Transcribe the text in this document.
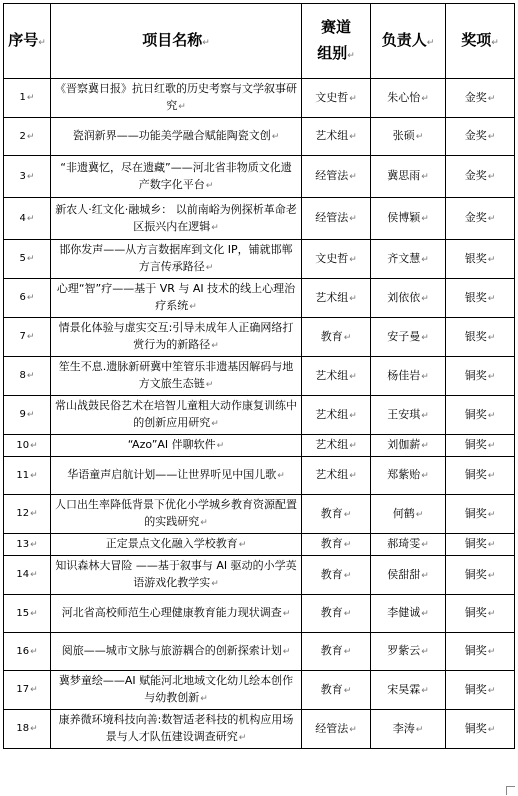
序号↵	项目名称↵	赛道组别↵	负责人↵	奖项↵
1↵	《晋察冀日报》抗日红歌的历史考察与文学叙事研究↵	文史哲↵	朱心怡↵	金奖↵
2↵	瓷润新界——功能美学融合赋能陶瓷文创↵	艺术组↵	张硕↵	金奖↵
3↵	“非遗冀忆，尽在遗藏”——河北省非物质文化遗产数字化平台↵	经管法↵	冀思雨↵	金奖↵
4↵	新农人·红文化·融城乡： 以前南峪为例探析革命老区振兴内在逻辑↵	经管法↵	侯博颖↵	金奖↵
5↵	邯你发声——从方言数据库到文化 IP，铺就邯郸方言传承路径↵	文史哲↵	齐文慧↵	银奖↵
6↵	心理“智”疗——基于 VR 与 AI 技术的线上心理治疗系统↵	艺术组↵	刘依依↵	银奖↵
7↵	情景化体验与虚实交互:引导未成年人正确网络打赏行为的新路径↵	教育↵	安子曼↵	银奖↵
8↵	笙生不息.遗脉新研冀中笙管乐非遗基因解码与地方文旅生态链↵	艺术组↵	杨佳岩↵	铜奖↵
9↵	常山战鼓民俗艺术在培智儿童粗大动作康复训练中的创新应用研究↵	艺术组↵	王安琪↵	铜奖↵
10↵	“Azo”AI 伴聊软件↵	艺术组↵	刘伽薪↵	铜奖↵
11↵	华语童声启航计划——让世界听见中国儿歌↵	艺术组↵	郑紫贻↵	铜奖↵
12↵	人口出生率降低背景下优化小学城乡教育资源配置的实践研究↵	教育↵	何鹤↵	铜奖↵
13↵	正定景点文化融入学校教育↵	教育↵	郝琦雯↵	铜奖↵
14↵	知识森林大冒险 ——基于叙事与 AI 驱动的小学英语游戏化教学实↵	教育↵	侯甜甜↵	铜奖↵
15↵	河北省高校师范生心理健康教育能力现状调查↵	教育↵	李健诚↵	铜奖↵
16↵	阅旅——城市文脉与旅游耦合的创新探索计划↵	教育↵	罗紫云↵	铜奖↵
17↵	冀梦童绘——AI 赋能河北地域文化幼儿绘本创作与幼教创新↵	教育↵	宋昊霖↵	铜奖↵
18↵	康养微环境科技向善:数智适老科技的机构应用场景与人才队伍建设调查研究↵	经管法↵	李涛↵	铜奖↵
